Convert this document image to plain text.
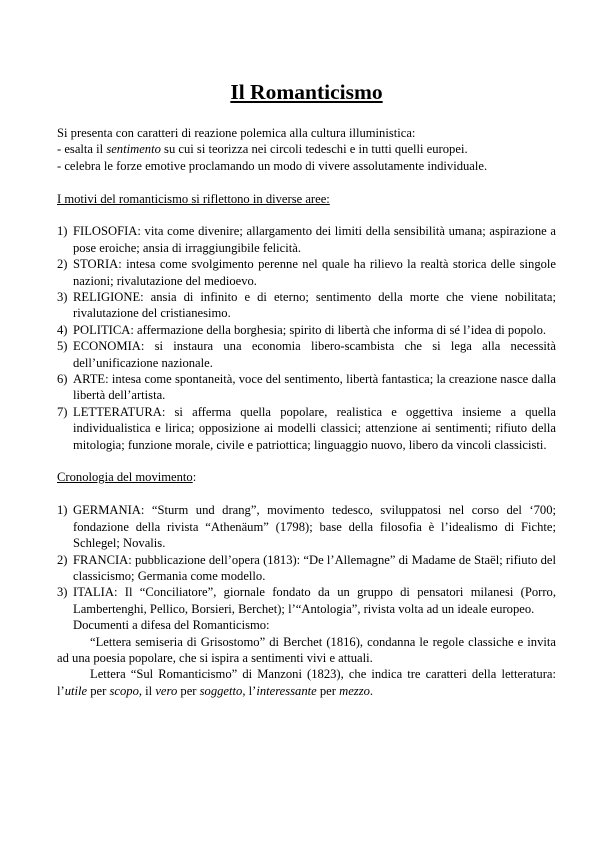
Il Romanticismo

Si presenta con caratteri di reazione polemica alla cultura illuministica:

- esalta il sentimento su cui si teorizza nei circoli tedeschi e in tutti quelli europei.

- celebra le forze emotive proclamando un modo di vivere assolutamente individuale.

I motivi del romanticismo si riflettono in diverse aree:

1) FILOSOFIA: vita come divenire; allargamento dei limiti della sensibilità umana; aspirazione a pose eroiche; ansia di irraggiungibile felicità.
2) STORIA: intesa come svolgimento perenne nel quale ha rilievo la realtà storica delle singole nazioni; rivalutazione del medioevo.
3) RELIGIONE: ansia di infinito e di eterno; sentimento della morte che viene nobilitata; rivalutazione del cristianesimo.
4) POLITICA: affermazione della borghesia; spirito di libertà che informa di sé l’idea di popolo.
5) ECONOMIA: si instaura una economia libero-scambista che si lega alla necessità dell’unificazione nazionale.
6) ARTE: intesa come spontaneità, voce del sentimento, libertà fantastica; la creazione nasce dalla libertà dell’artista.
7) LETTERATURA: si afferma quella popolare, realistica e oggettiva insieme a quella individualistica e lirica; opposizione ai modelli classici; attenzione ai sentimenti; rifiuto della mitologia; funzione morale, civile e patriottica; linguaggio nuovo, libero da vincoli classicisti.

Cronologia del movimento:

1) GERMANIA: “Sturm und drang”, movimento tedesco, sviluppatosi nel corso del ‘700; fondazione della rivista “Athenäum” (1798); base della filosofia è l’idealismo di Fichte; Schlegel; Novalis.
2) FRANCIA: pubblicazione dell’opera (1813): “De l’Allemagne” di Madame de Staël; rifiuto del classicismo; Germania come modello.
3) ITALIA: Il “Conciliatore”, giornale fondato da un gruppo di pensatori milanesi (Porro, Lambertenghi, Pellico, Borsieri, Berchet); l’“Antologia”, rivista volta ad un ideale europeo.

Documenti a difesa del Romanticismo:

“Lettera semiseria di Grisostomo” di Berchet (1816), condanna le regole classiche e invita ad una poesia popolare, che si ispira a sentimenti vivi e attuali.

Lettera “Sul Romanticismo” di Manzoni (1823), che indica tre caratteri della letteratura: l’utile per scopo, il vero per soggetto, l’interessante per mezzo.
